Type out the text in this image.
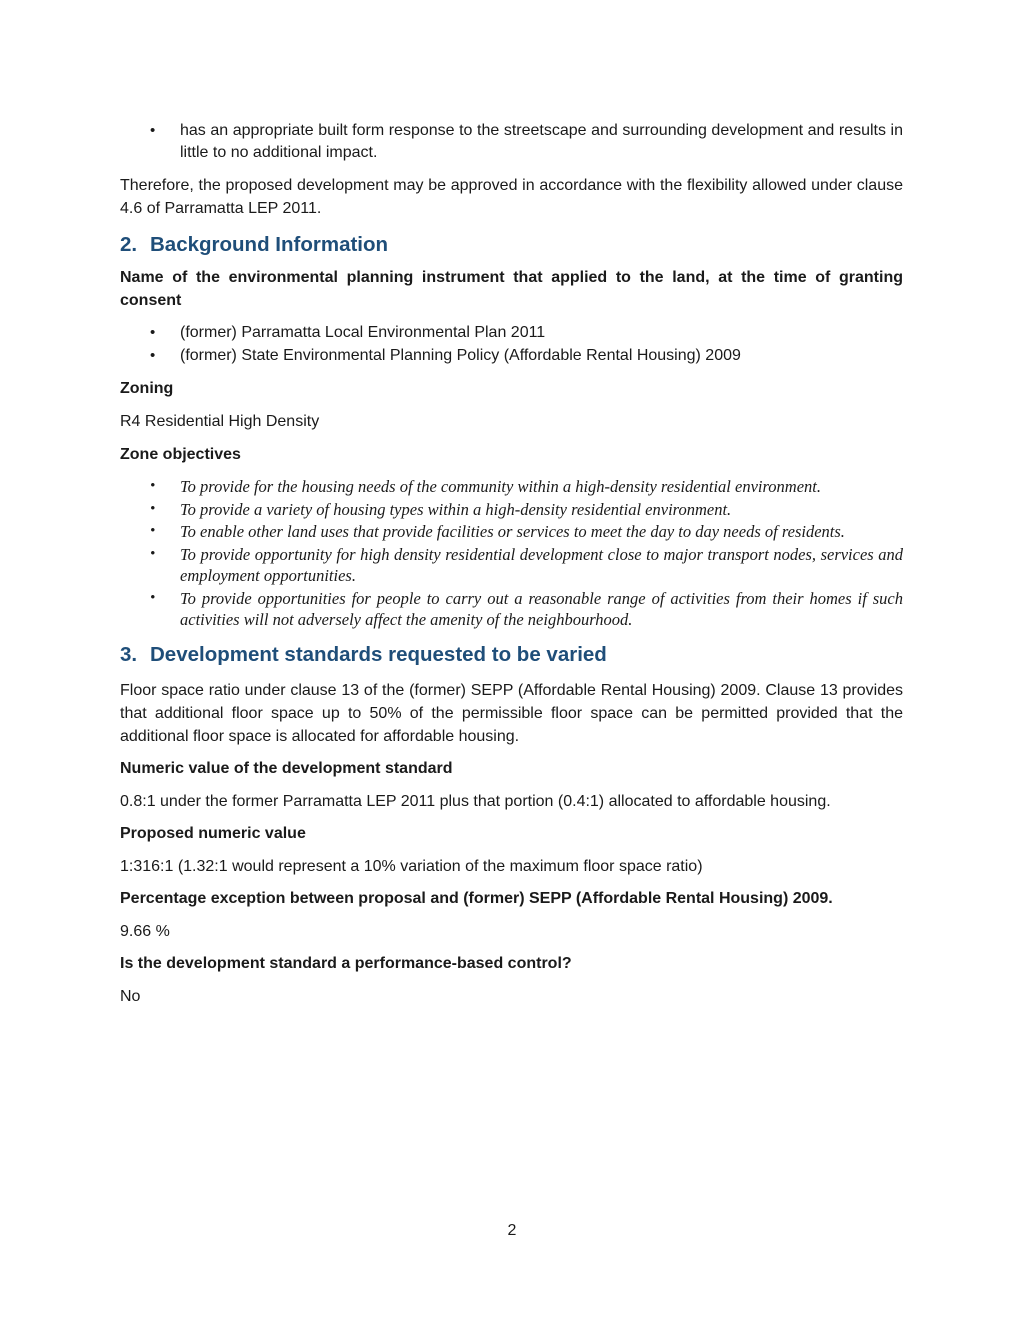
• has an appropriate built form response to the streetscape and surrounding development and results in little to no additional impact.

Therefore, the proposed development may be approved in accordance with the flexibility allowed under clause 4.6 of Parramatta LEP 2011.

2. Background Information
Name of the environmental planning instrument that applied to the land, at the time of granting consent
• (former) Parramatta Local Environmental Plan 2011
• (former) State Environmental Planning Policy (Affordable Rental Housing) 2009
Zoning

R4 Residential High Density

Zone objectives
• To provide for the housing needs of the community within a high-density residential environment.
• To provide a variety of housing types within a high-density residential environment.
• To enable other land uses that provide facilities or services to meet the day to day needs of residents.
• To provide opportunity for high density residential development close to major transport nodes, services and employment opportunities.
• To provide opportunities for people to carry out a reasonable range of activities from their homes if such activities will not adversely affect the amenity of the neighbourhood.
3. Development standards requested to be varied

Floor space ratio under clause 13 of the (former) SEPP (Affordable Rental Housing) 2009. Clause 13 provides that additional floor space up to 50% of the permissible floor space can be permitted provided that the additional floor space is allocated for affordable housing.

Numeric value of the development standard

0.8:1 under the former Parramatta LEP 2011 plus that portion (0.4:1) allocated to affordable housing.

Proposed numeric value

1:316:1 (1.32:1 would represent a 10% variation of the maximum floor space ratio)

Percentage exception between proposal and (former) SEPP (Affordable Rental Housing) 2009.

9.66 %

Is the development standard a performance-based control?

No

2
